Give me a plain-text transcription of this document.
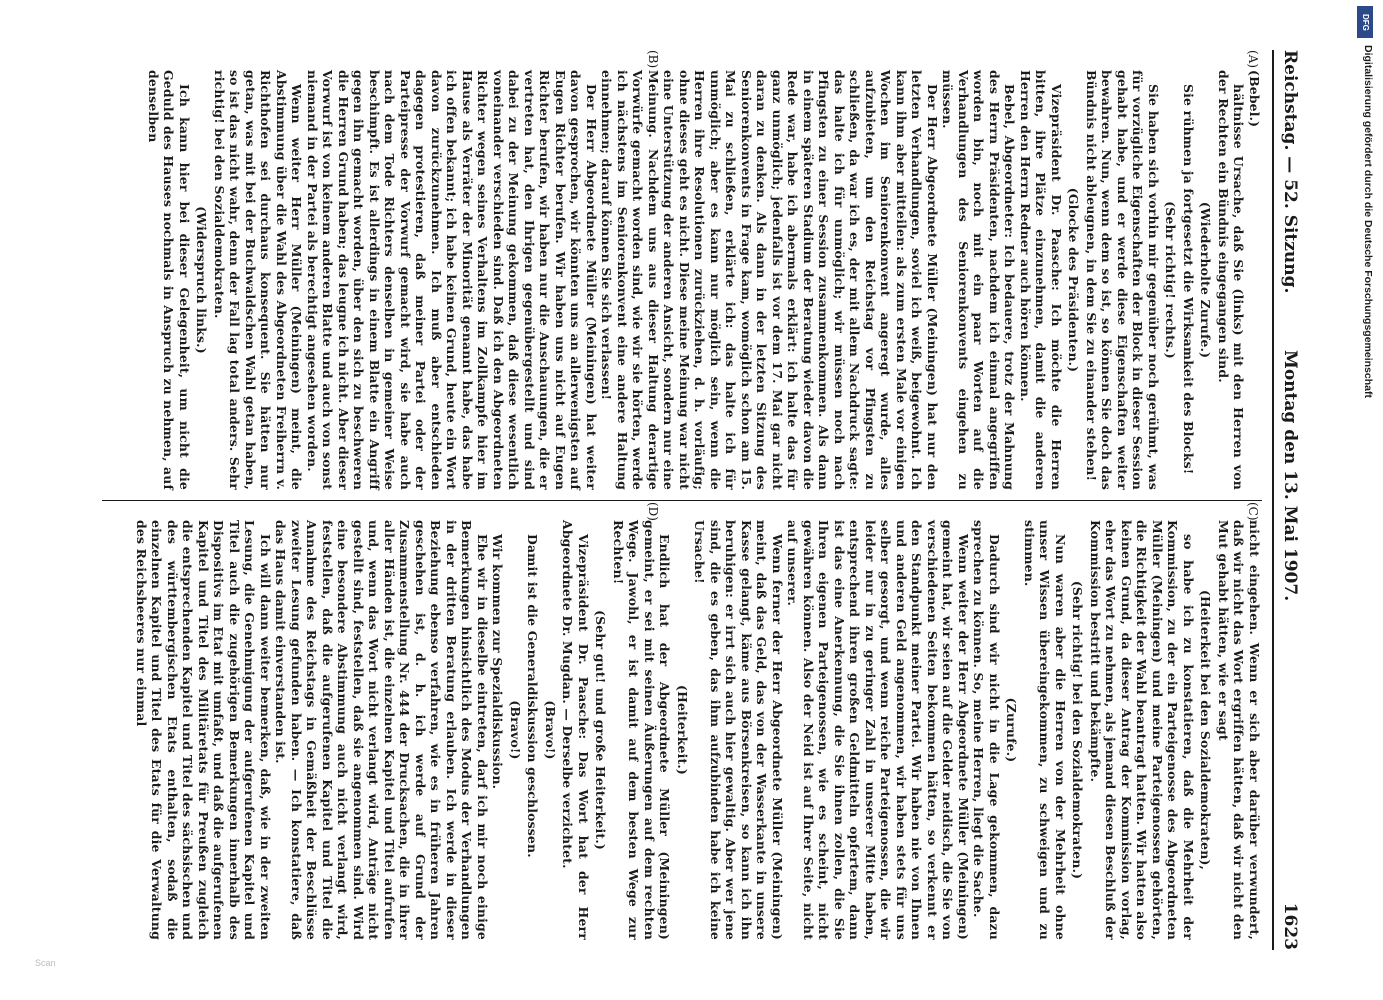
Reichstag. — 52. Sitzung.
Montag den 13. Mai 1907.
1623
(A)
(B)
(C)
(D)

(Bebel.)

hältnisse Ursache, daß Sie (links) mit den Herren von der Rechten ein Bündnis eingegangen sind.

(Wiederholte Zurufe.)

Sie rühmen ja fortgesetzt die Wirksamkeit des Blocks!

(Sehr richtig! rechts.)

Sie haben sich vorhin mir gegenüber noch gerühmt, was für vorzügliche Eigenschaften der Block in dieser Session gehabt habe, und er werde diese Eigenschaften weiter bewahren. Nun, wenn dem so ist, so können Sie doch das Bündnis nicht ableugnen, in dem Sie zu einander stehen!

(Glocke des Präsidenten.)

Vizepräsident Dr. Paasche: Ich möchte die Herren bitten, ihre Plätze einzunehmen, damit die anderen Herren den Herrn Redner auch hören können.

Bebel, Abgeordneter: Ich bedauere, trotz der Mahnung des Herrn Präsidenten, nachdem ich einmal angegriffen worden bin, noch mit ein paar Worten auf die Verhandlungen des Seniorenkonvents eingehen zu müssen.

Der Herr Abgeordnete Müller (Meiningen) hat nur den letzten Verhandlungen, soviel ich weiß, beigewohnt. Ich kann ihm aber mitteilen: als zum ersten Male vor einigen Wochen im Seniorenkonvent angeregt wurde, alles aufzubieten, um den Reichstag vor Pfingsten zu schließen, da war ich es, der mit allem Nachdruck sagte: das halte ich für unmöglich; wir müssen noch nach Pfingsten zu einer Session zusammenkommen. Als dann in einem späteren Stadium der Beratung wieder davon die Rede war, habe ich abermals erklärt: ich halte das für ganz unmöglich; jedenfalls ist vor dem 17. Mai gar nicht daran zu denken. Als dann in der letzten Sitzung des Seniorenkonvents in Frage kam, womöglich schon am 15. Mai zu schließen, erklärte ich: das halte ich für unmöglich; aber es kann nur möglich sein, wenn die Herren ihre Resolutionen zurückziehen, d. h. vorläufig; ohne dieses geht es nicht. Diese meine Meinung war nicht eine Unterstützung der anderen Ansicht, sondern nur eine Meinung. Nachdem uns aus dieser Haltung derartige Vorwürfe gemacht worden sind, wie wir sie hörten, werde ich nächstens im Seniorenkonvent eine andere Haltung einnehmen; darauf können Sie sich verlassen!

Der Herr Abgeordnete Müller (Meiningen) hat weiter davon gesprochen, wir könnten uns an allerwenigsten auf Eugen Richter berufen. Wir haben uns nicht auf Eugen Richter berufen, wir haben nur die Anschauungen, die er vertreten hat, den Ihrigen gegenübergestellt und sind dabei zu der Meinung gekommen, daß diese wesentlich voneinander verschieden sind. Daß ich den Abgeordneten Richter wegen seines Verhaltens im Zollkampfe hier im Hause als Verräter der Minorität genannt habe, das habe ich offen bekannt; ich habe keinen Grund, heute ein Wort davon zurückzunehmen. Ich muß aber entschieden dagegen protestieren, daß meiner Partei oder der Parteipresse der Vorwurf gemacht wird, sie habe auch nach dem Tode Richters denselben in gemeiner Weise beschimpft. Es ist allerdings in einem Blatte ein Angriff gegen ihn gemacht worden, über den sich zu beschweren die Herren Grund haben; das leugne ich nicht. Aber dieser Vorwurf ist von keinem anderen Blatte und auch von sonst niemand in der Partei als berechtigt angesehen worden.

Wenn weiter Herr Müller (Meiningen) meint, die Abstimmung über die Wahl des Abgeordneten Freiherrn v. Richthofen sei durchaus konsequent. Sie hätten nur getan, was mit bei der Buchwaldschen Wahl getan haben, so ist das nicht wahr, denn der Fall lag total anders. Sehr richtig! bei den Sozialdemokraten.

(Widerspruch links.)

Ich kann hier bei dieser Gelegenheit, um nicht die Geduld des Hauses nochmals in Anspruch zu nehmen, auf denselben

nicht eingehen. Wenn er sich aber darüber verwundert, daß wir nicht das Wort ergriffen hätten, daß wir nicht den Mut gehabt hätten, wie er sagt

(Heiterkeit bei den Sozialdemokraten),

so habe ich zu konstatieren, daß die Mehrheit der Kommission, zu der ein Parteigenosse des Abgeordneten Müller (Meiningen) und meine Parteigenossen gehörten, die Richtigkeit der Wahl beantragt hatten. Wir hatten also keinen Grund, da dieser Antrag der Kommission vorlag, eher das Wort zu nehmen, als jemand diesen Beschluß der Kommission bestritt und bekämpfte.

(Sehr richtig! bei den Sozialdemokraten.)

Nun waren aber die Herren von der Mehrheit ohne unser Wissen übereingekommen, zu schweigen und zu stimmen.

(Zurufe.)

Dadurch sind wir nicht in die Lage gekommen, dazu sprechen zu können. So, meine Herren, liegt die Sache.

Wenn weiter der Herr Abgeordnete Müller (Meiningen) gemeint hat, wir seien auf die Gelder neidisch, die Sie von verschiedenen Seiten bekommen hätten, so verkennt er den Standpunkt meiner Partei. Wir haben nie von Ihnen und anderen Geld angenommen, wir haben stets für uns selber gesorgt, und wenn reiche Parteigenossen, die wir leider nur in zu geringer Zahl in unserer Mitte haben, entsprechend ihren großen Geldmitteln opfertem, dann ist das eine Anerkennung, die Sie ihnen zollen, die Sie Ihren eigenen Parteigenossen, wie es scheint, nicht gewähren können. Also der Neid ist auf Ihrer Seite, nicht auf unserer.

Wenn ferner der Herr Abgeordnete Müller (Meiningen) meint, daß das Geld, das von der Wasserkante in unsere Kasse gelangt, käme aus Börsenkreisen, so kann ich ihn beruhigen: er irrt sich auch hier gewaltig. Aber wer jene sind, die es geben, das ihm aufzubinden habe ich keine Ursache!

(Heiterkeit.)

Endlich hat der Abgeordnete Müller (Meiningen) gemeint, er sei mit seinen Äußerungen auf dem rechten Wege. Jawohl, er ist damit auf dem besten Wege zur Rechten!

(Sehr gut! und große Heiterkeit.)

Vizepräsident Dr. Paasche: Das Wort hat der Herr Abgeordnete Dr. Mugdan. — Derselbe verzichtet.

(Bravo!)

Damit ist die Generaldiskussion geschlossen.

(Bravo!)

Wir kommen zur Spezialdiskussion.

Ehe wir in dieselbe eintreten, darf ich mir noch einige Bemerkungen hinsichtlich des Modus der Verhandlungen in der dritten Beratung erlauben. Ich werde in dieser Beziehung ebenso verfahren, wie es in früheren Jahren geschehen ist, d. h. ich werde auf Grund der Zusammenstellung Nr. 444 der Drucksachen, die in ihrer aller Händen ist, die einzelnen Kapitel und Titel aufrufen und, wenn das Wort nicht verlangt wird, Anträge nicht gestellt sind, feststellen, daß sie angenommen sind. Wird eine besondere Abstimmung auch nicht verlangt wird, feststellen, daß die aufgerufenen Kapitel und Titel die Annahme des Reichstags in Gemäßheit der Beschlüsse zweiter Lesung gefunden haben. — Ich konstatiere, daß das Haus damit einverstanden ist.

Ich will dann weiter bemerken, daß, wie in der zweiten Lesung, die Genehmigung der aufgerufenen Kapitel und Titel auch die zugehörigen Bemerkungen innerhalb des Dispositivs im Etat mit umfaßt, und daß die aufgerufenen Kapitel und Titel des Militäretats für Preußen zugleich die entsprechenden Kapitel und Titel des sächsischen und des württembergischen Etats enthalten, sodaß die einzelnen Kapitel und Titel des Etats für die Verwaltung des Reichsheeres nur einmal

DFG
Digitalisierung gefördert durch die Deutsche Forschungsgemeinschaft
Scan
